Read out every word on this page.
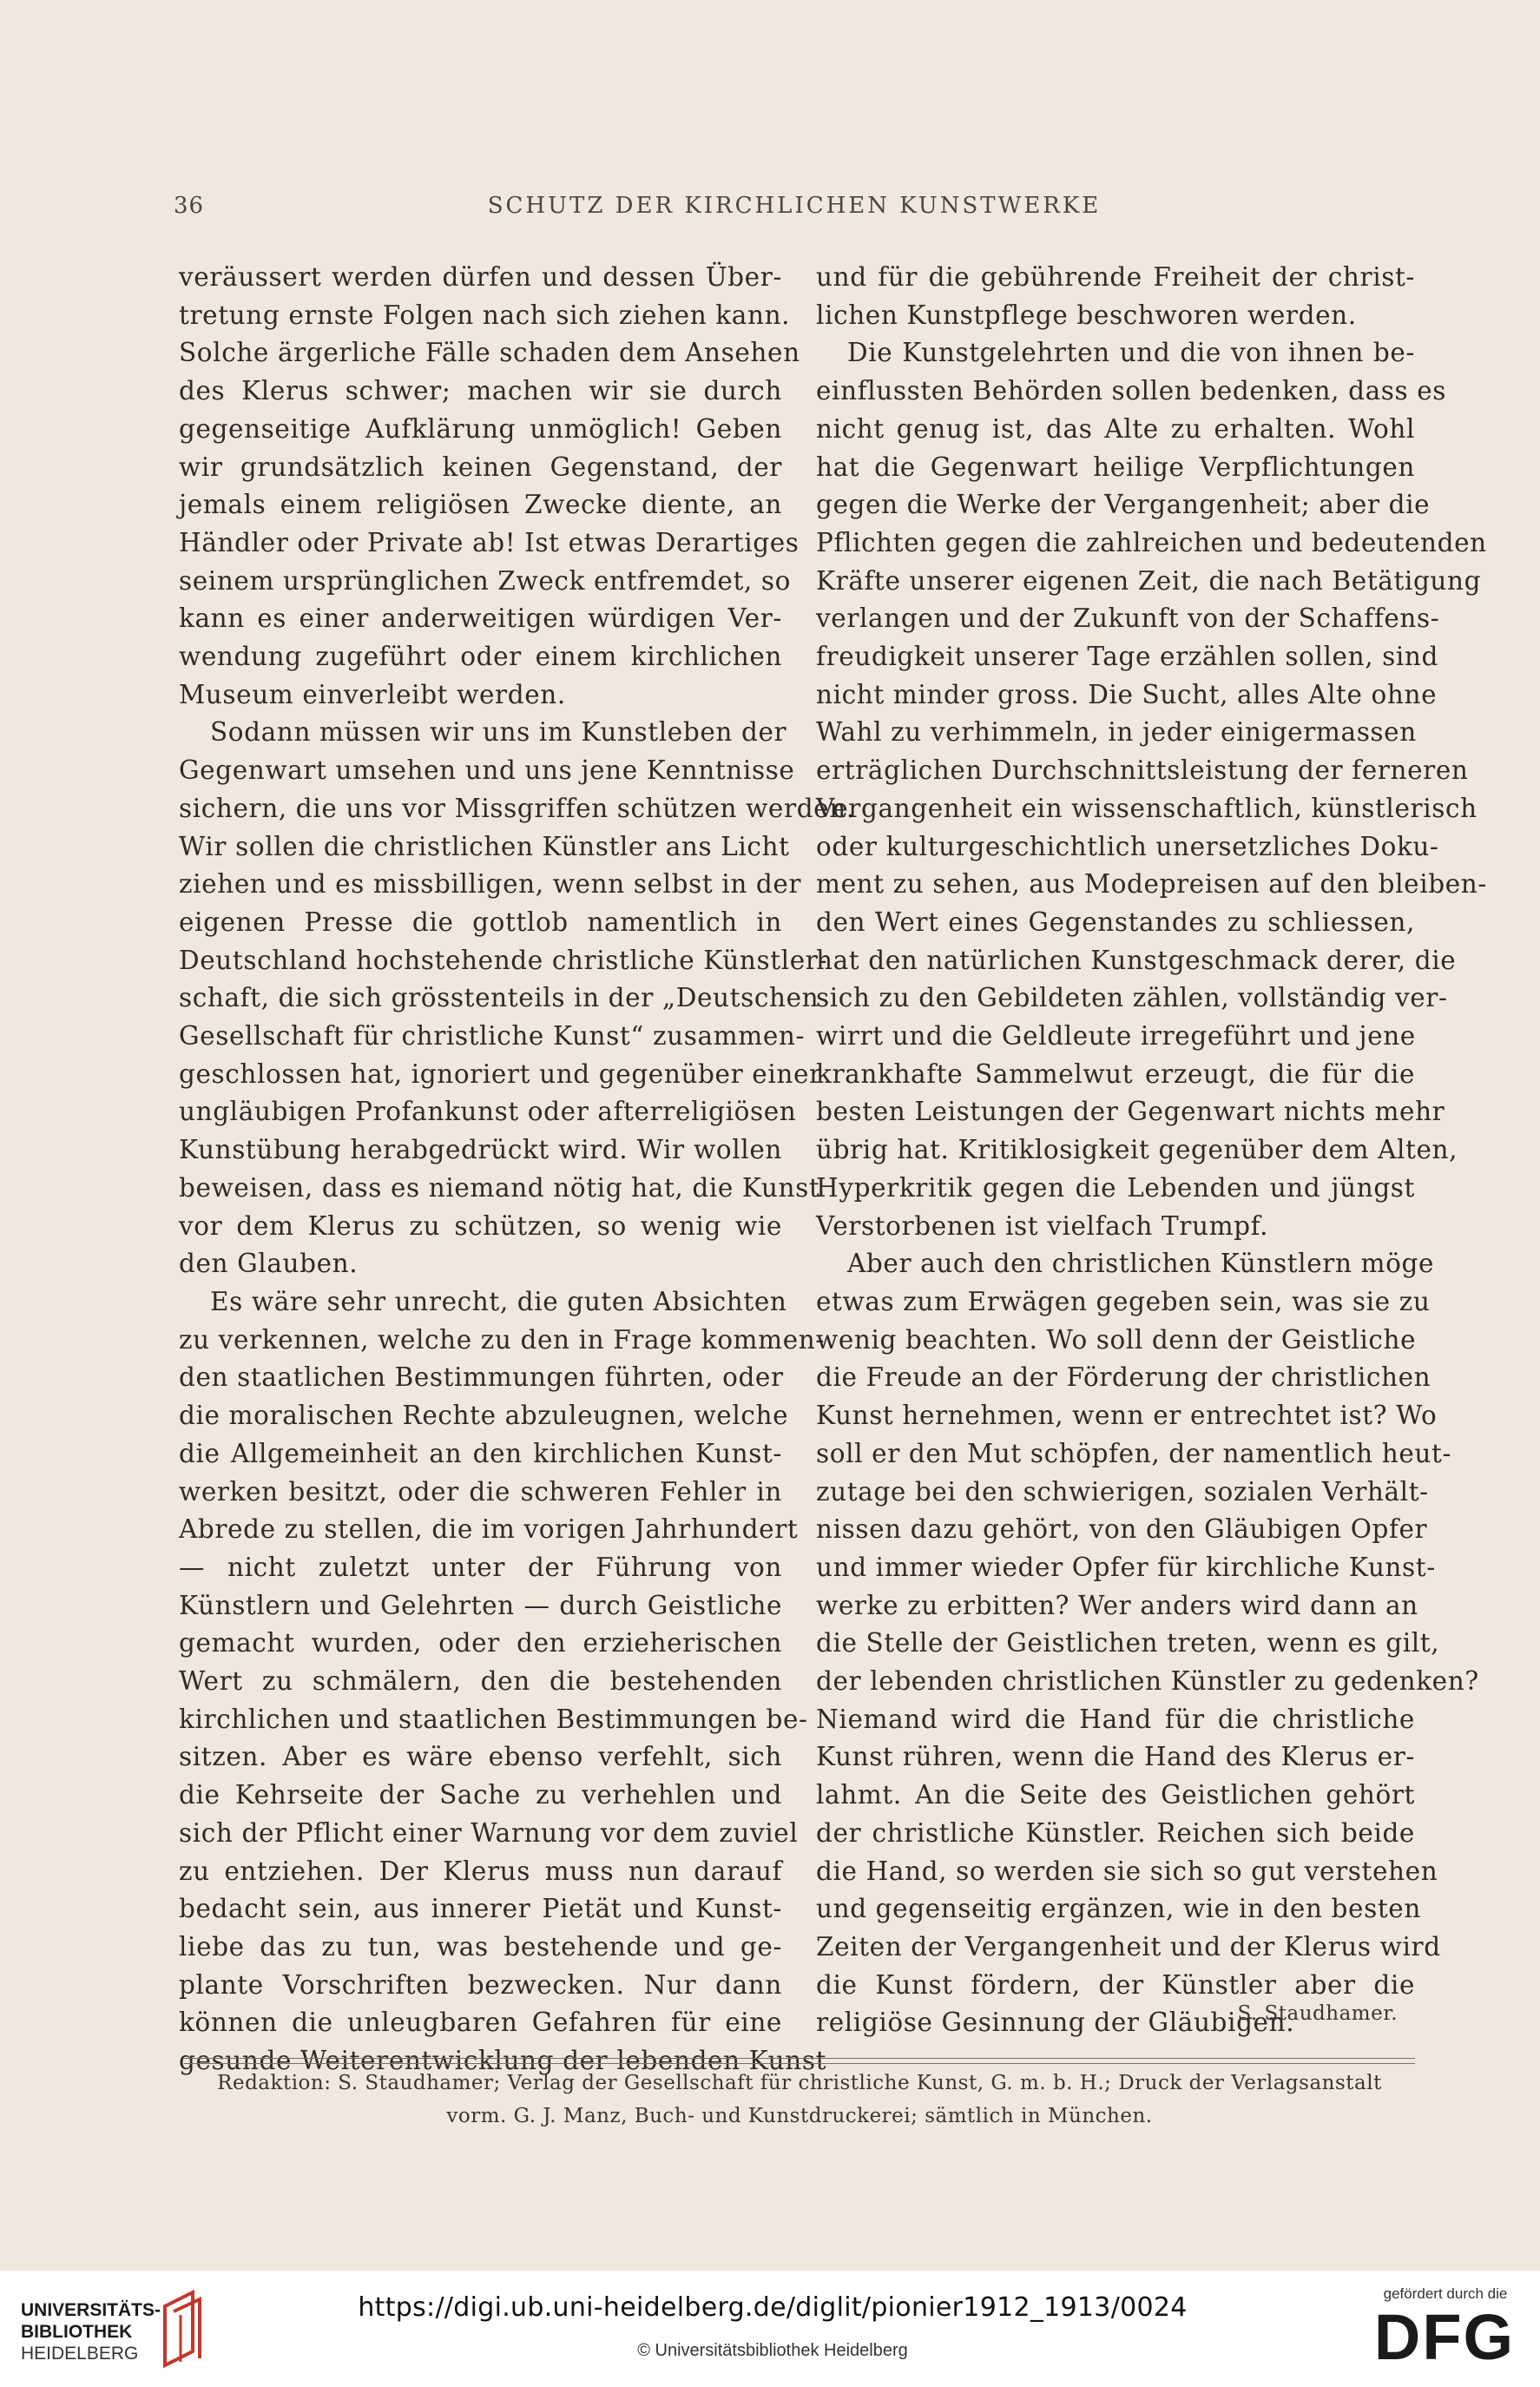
36	SCHUTZ DER KIRCHLICHEN KUNSTWERKE
veräussert werden dürfen und dessen Über-
tretung ernste Folgen nach sich ziehen kann.
Solche ärgerliche Fälle schaden dem Ansehen
des Klerus schwer; machen wir sie durch
gegenseitige Aufklärung unmöglich! Geben
wir grundsätzlich keinen Gegenstand, der
jemals einem religiösen Zwecke diente, an
Händler oder Private ab! Ist etwas Derartiges
seinem ursprünglichen Zweck entfremdet, so
kann es einer anderweitigen würdigen Ver-
wendung zugeführt oder einem kirchlichen
Museum einverleibt werden.
Sodann müssen wir uns im Kunstleben der
Gegenwart umsehen und uns jene Kenntnisse
sichern, die uns vor Missgriffen schützen werden.
Wir sollen die christlichen Künstler ans Licht
ziehen und es missbilligen, wenn selbst in der
eigenen Presse die gottlob namentlich in
Deutschland hochstehende christliche Künstler-
schaft, die sich grösstenteils in der „Deutschen
Gesellschaft für christliche Kunst“ zusammen-
geschlossen hat, ignoriert und gegenüber einer
ungläubigen Profankunst oder afterreligiösen
Kunstübung herabgedrückt wird. Wir wollen
beweisen, dass es niemand nötig hat, die Kunst
vor dem Klerus zu schützen, so wenig wie
den Glauben.
Es wäre sehr unrecht, die guten Absichten
zu verkennen, welche zu den in Frage kommen-
den staatlichen Bestimmungen führten, oder
die moralischen Rechte abzuleugnen, welche
die Allgemeinheit an den kirchlichen Kunst-
werken besitzt, oder die schweren Fehler in
Abrede zu stellen, die im vorigen Jahrhundert
— nicht zuletzt unter der Führung von
Künstlern und Gelehrten — durch Geistliche
gemacht wurden, oder den erzieherischen
Wert zu schmälern, den die bestehenden
kirchlichen und staatlichen Bestimmungen be-
sitzen. Aber es wäre ebenso verfehlt, sich
die Kehrseite der Sache zu verhehlen und
sich der Pflicht einer Warnung vor dem zuviel
zu entziehen. Der Klerus muss nun darauf
bedacht sein, aus innerer Pietät und Kunst-
liebe das zu tun, was bestehende und ge-
plante Vorschriften bezwecken. Nur dann
können die unleugbaren Gefahren für eine
gesunde Weiterentwicklung der lebenden Kunst
und für die gebührende Freiheit der christ-
lichen Kunstpflege beschworen werden.
Die Kunstgelehrten und die von ihnen be-
einflussten Behörden sollen bedenken, dass es
nicht genug ist, das Alte zu erhalten. Wohl
hat die Gegenwart heilige Verpflichtungen
gegen die Werke der Vergangenheit; aber die
Pflichten gegen die zahlreichen und bedeutenden
Kräfte unserer eigenen Zeit, die nach Betätigung
verlangen und der Zukunft von der Schaffens-
freudigkeit unserer Tage erzählen sollen, sind
nicht minder gross. Die Sucht, alles Alte ohne
Wahl zu verhimmeln, in jeder einigermassen
erträglichen Durchschnittsleistung der ferneren
Vergangenheit ein wissenschaftlich, künstlerisch
oder kulturgeschichtlich unersetzliches Doku-
ment zu sehen, aus Modepreisen auf den bleiben-
den Wert eines Gegenstandes zu schliessen,
hat den natürlichen Kunstgeschmack derer, die
sich zu den Gebildeten zählen, vollständig ver-
wirrt und die Geldleute irregeführt und jene
krankhafte Sammelwut erzeugt, die für die
besten Leistungen der Gegenwart nichts mehr
übrig hat. Kritiklosigkeit gegenüber dem Alten,
Hyperkritik gegen die Lebenden und jüngst
Verstorbenen ist vielfach Trumpf.
Aber auch den christlichen Künstlern möge
etwas zum Erwägen gegeben sein, was sie zu
wenig beachten. Wo soll denn der Geistliche
die Freude an der Förderung der christlichen
Kunst hernehmen, wenn er entrechtet ist? Wo
soll er den Mut schöpfen, der namentlich heut-
zutage bei den schwierigen, sozialen Verhält-
nissen dazu gehört, von den Gläubigen Opfer
und immer wieder Opfer für kirchliche Kunst-
werke zu erbitten? Wer anders wird dann an
die Stelle der Geistlichen treten, wenn es gilt,
der lebenden christlichen Künstler zu gedenken?
Niemand wird die Hand für die christliche
Kunst rühren, wenn die Hand des Klerus er-
lahmt. An die Seite des Geistlichen gehört
der christliche Künstler. Reichen sich beide
die Hand, so werden sie sich so gut verstehen
und gegenseitig ergänzen, wie in den besten
Zeiten der Vergangenheit und der Klerus wird
die Kunst fördern, der Künstler aber die
religiöse Gesinnung der Gläubigen.
S. Staudhamer.
Redaktion: S. Staudhamer; Verlag der Gesellschaft für christliche Kunst, G. m. b. H.; Druck der Verlagsanstalt
vorm. G. J. Manz, Buch- und Kunstdruckerei; sämtlich in München.
UNIVERSITÄTS-
BIBLIOTHEK
HEIDELBERG
https://digi.ub.uni-heidelberg.de/diglit/pionier1912_1913/0024
© Universitätsbibliothek Heidelberg
gefördert durch die
DFG
